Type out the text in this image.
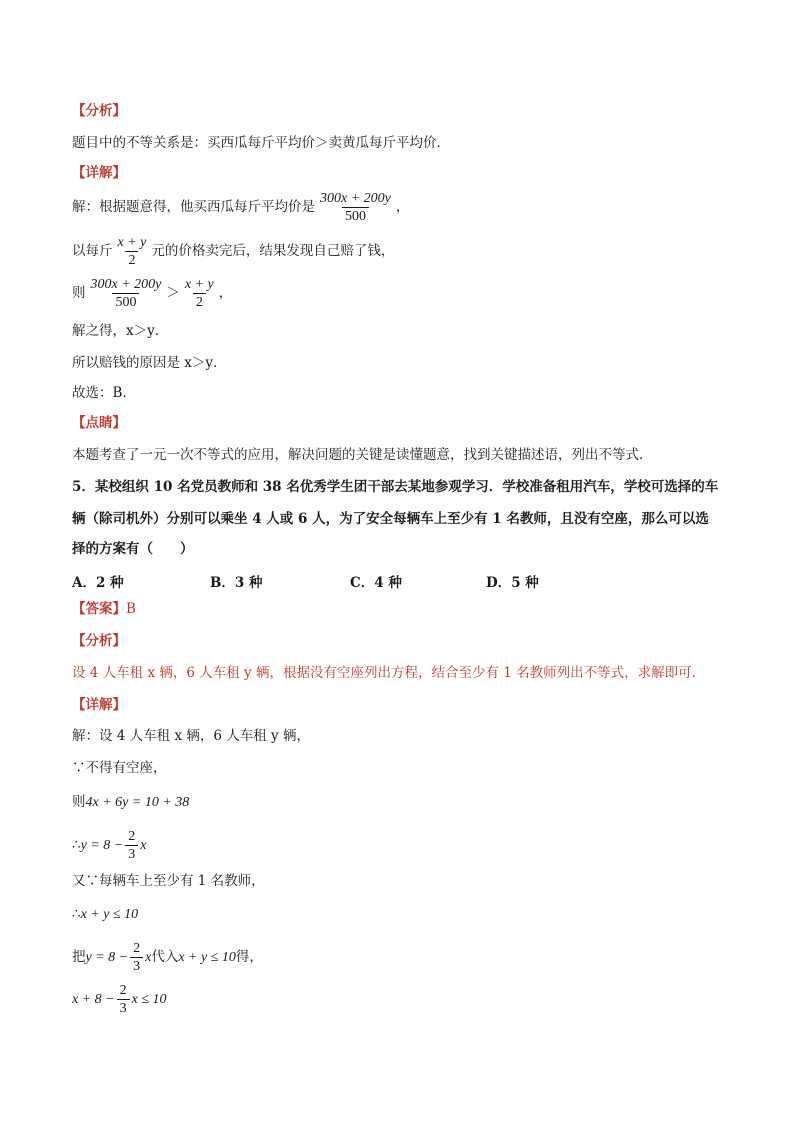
【分析】
题目中的不等关系是：买西瓜每斤平均价＞卖黄瓜每斤平均价．
【详解】
解：根据题意得，他买西瓜每斤平均价是 $\frac{300x + 200y}{500}$ ，
以每斤 $\frac{x + y}{2}$ 元的价格卖完后，结果发现自己赔了钱，
则 $\frac{300x + 200y}{500} > \frac{x + y}{2}$ ，
解之得，x＞y．
所以赔钱的原因是 x＞y．
故选：B．
【点睛】
本题考查了一元一次不等式的应用，解决问题的关键是读懂题意，找到关键描述语，列出不等式．
5．某校组织 10 名党员教师和 38 名优秀学生团干部去某地参观学习．学校准备租用汽车，学校可选择的车
辆（除司机外）分别可以乘坐 4 人或 6 人，为了安全每辆车上至少有 1 名教师，且没有空座，那么可以选
择的方案有（　　）
A．2 种	B．3 种	C．4 种	D．5 种
【答案】B
【分析】
设 4 人车租 x 辆，6 人车租 y 辆，根据没有空座列出方程，结合至少有 1 名教师列出不等式，求解即可．
【详解】
解：设 4 人车租 x 辆，6 人车租 y 辆，
∵不得有空座，
则4x + 6y = 10 + 38
∴y = $8 - \frac{2}{3}$ x
又∵每辆车上至少有 1 名教师，
∴x + y ≤ 10
把$y = 8 - \frac{2}{3}$ x代入x + y ≤ 10得，
$x + 8 - \frac{2}{3}$ x ≤ 10
